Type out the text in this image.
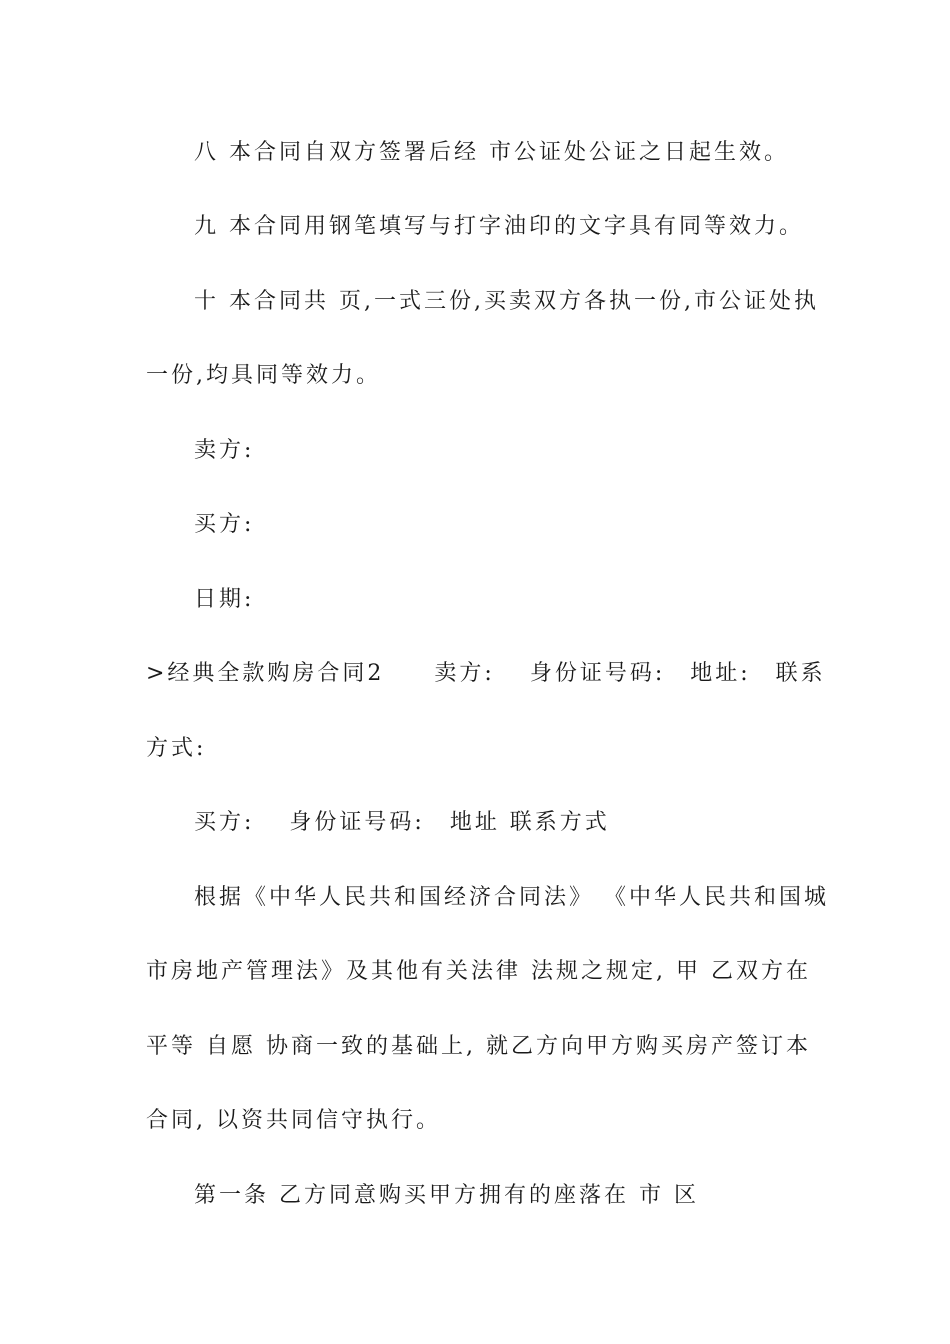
八 本合同自双方签署后经 市公证处公证之日起生效。
九 本合同用钢笔填写与打字油印的文字具有同等效力。
十 本合同共 页,一式三份,买卖双方各执一份,市公证处执
一份,均具同等效力。
卖方:
买方:
日期:
>经典全款购房合同2　　卖方:　 身份证号码:　地址:　联系
方式:
买方:　 身份证号码:　地址 联系方式
根据《中华人民共和国经济合同法》 《中华人民共和国城
市房地产管理法》及其他有关法律 法规之规定, 甲 乙双方在
平等 自愿 协商一致的基础上, 就乙方向甲方购买房产签订本
合同, 以资共同信守执行。
第一条 乙方同意购买甲方拥有的座落在 市 区
